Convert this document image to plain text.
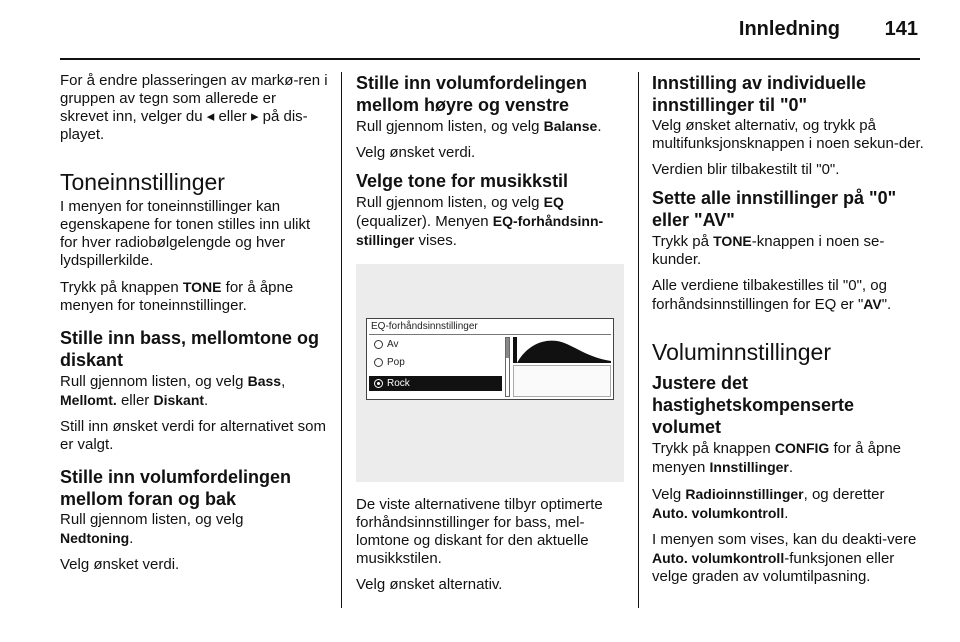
Innledning 141

For å endre plasseringen av markø-ren i gruppen av tegn som allerede er skrevet inn, velger du ◂ eller ▸ på dis-playet.

Toneinnstillinger

I menyen for toneinnstillinger kan egenskapene for tonen stilles inn ulikt for hver radiobølgelengde og hver lydspillerkilde.

Trykk på knappen TONE for å åpne menyen for toneinnstillinger.

Stille inn bass, mellomtone og diskant

Rull gjennom listen, og velg Bass,
Mellomt. eller Diskant.

Still inn ønsket verdi for alternativet som er valgt.

Stille inn volumfordelingen mellom foran og bak

Rull gjennom listen, og velg
Nedtoning.

Velg ønsket verdi.

Stille inn volumfordelingen mellom høyre og venstre

Rull gjennom listen, og velg Balanse.

Velg ønsket verdi.

Velge tone for musikkstil

Rull gjennom listen, og velg EQ
(equalizer). Menyen EQ-forhåndsinn-stillinger vises.

EQ-forhåndsinnstillinger
Av
Pop
Rock

De viste alternativene tilbyr optimerte forhåndsinnstillinger for bass, mel-lomtone og diskant for den aktuelle musikkstilen.

Velg ønsket alternativ.

Innstilling av individuelle innstillinger til "0"

Velg ønsket alternativ, og trykk på multifunksjonsknappen i noen sekun-der.

Verdien blir tilbakestilt til "0".

Sette alle innstillinger på "0" eller "AV"

Trykk på TONE-knappen i noen se-kunder.

Alle verdiene tilbakestilles til "0", og forhåndsinnstillingen for EQ er "AV".

Voluminnstillinger
Justere det hastighetskompenserte volumet

Trykk på knappen CONFIG for å åpne menyen Innstillinger.

Velg Radioinnstillinger, og deretter
Auto. volumkontroll.

I menyen som vises, kan du deakti-vere Auto. volumkontroll-funksjonen eller velge graden av volumtilpasning.
